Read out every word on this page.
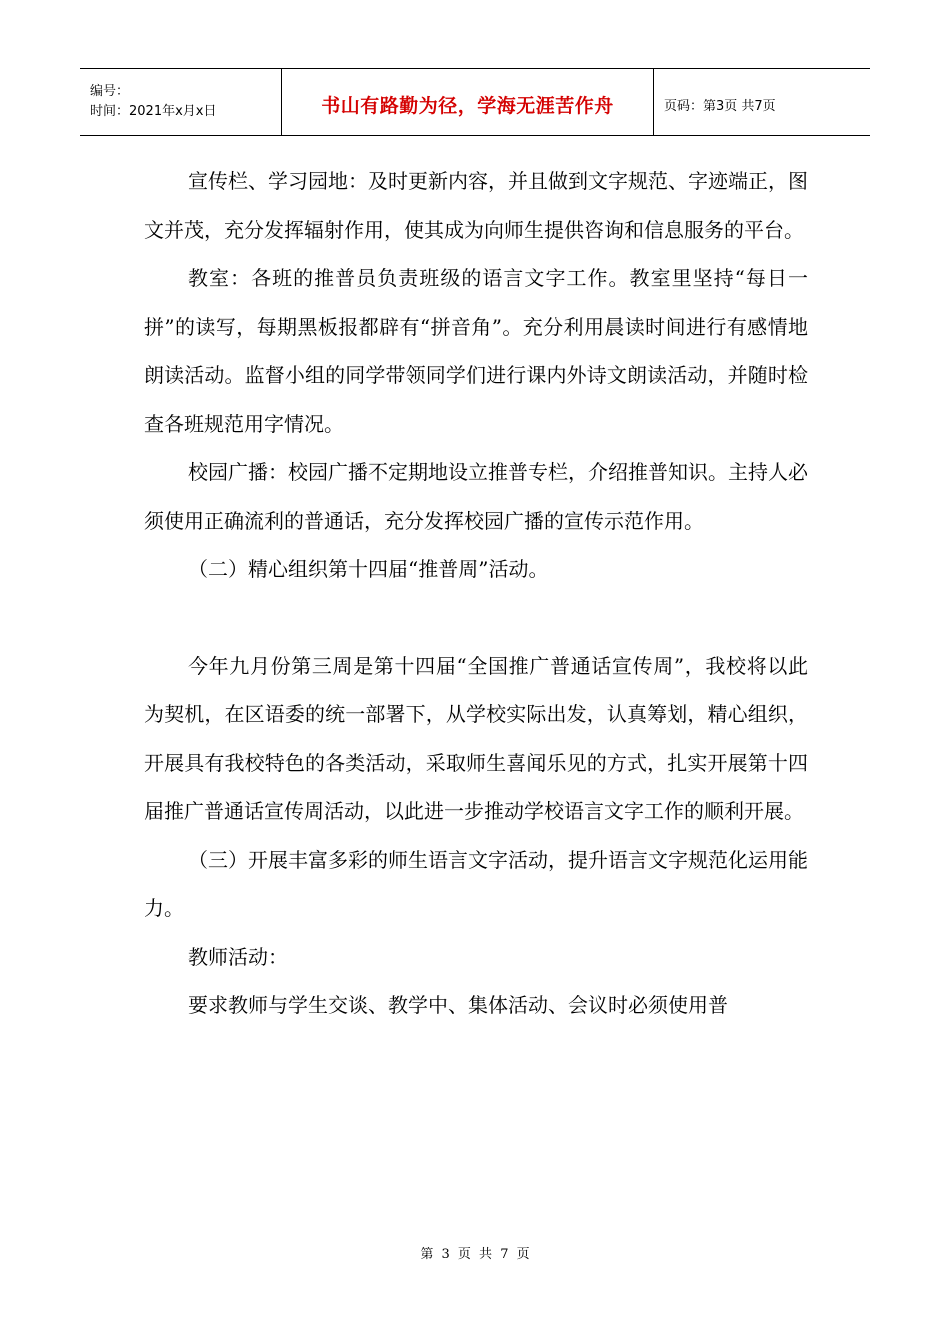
编号：
时间：2021年x月x日	书山有路勤为径，学海无涯苦作舟	页码：第3页 共7页

宣传栏、学习园地：及时更新内容，并且做到文字规范、字迹端正，图文并茂，充分发挥辐射作用，使其成为向师生提供咨询和信息服务的平台。

教室：各班的推普员负责班级的语言文字工作。教室里坚持“每日一拼”的读写，每期黑板报都辟有“拼音角”。充分利用晨读时间进行有感情地朗读活动。监督小组的同学带领同学们进行课内外诗文朗读活动，并随时检查各班规范用字情况。

校园广播：校园广播不定期地设立推普专栏，介绍推普知识。主持人必须使用正确流利的普通话，充分发挥校园广播的宣传示范作用。

（二）精心组织第十四届“推普周”活动。

今年九月份第三周是第十四届“全国推广普通话宣传周”，我校将以此为契机，在区语委的统一部署下，从学校实际出发，认真筹划，精心组织，开展具有我校特色的各类活动，采取师生喜闻乐见的方式，扎实开展第十四届推广普通话宣传周活动，以此进一步推动学校语言文字工作的顺利开展。

（三）开展丰富多彩的师生语言文字活动，提升语言文字规范化运用能力。

教师活动：

要求教师与学生交谈、教学中、集体活动、会议时必须使用普

第 3 页 共 7 页
